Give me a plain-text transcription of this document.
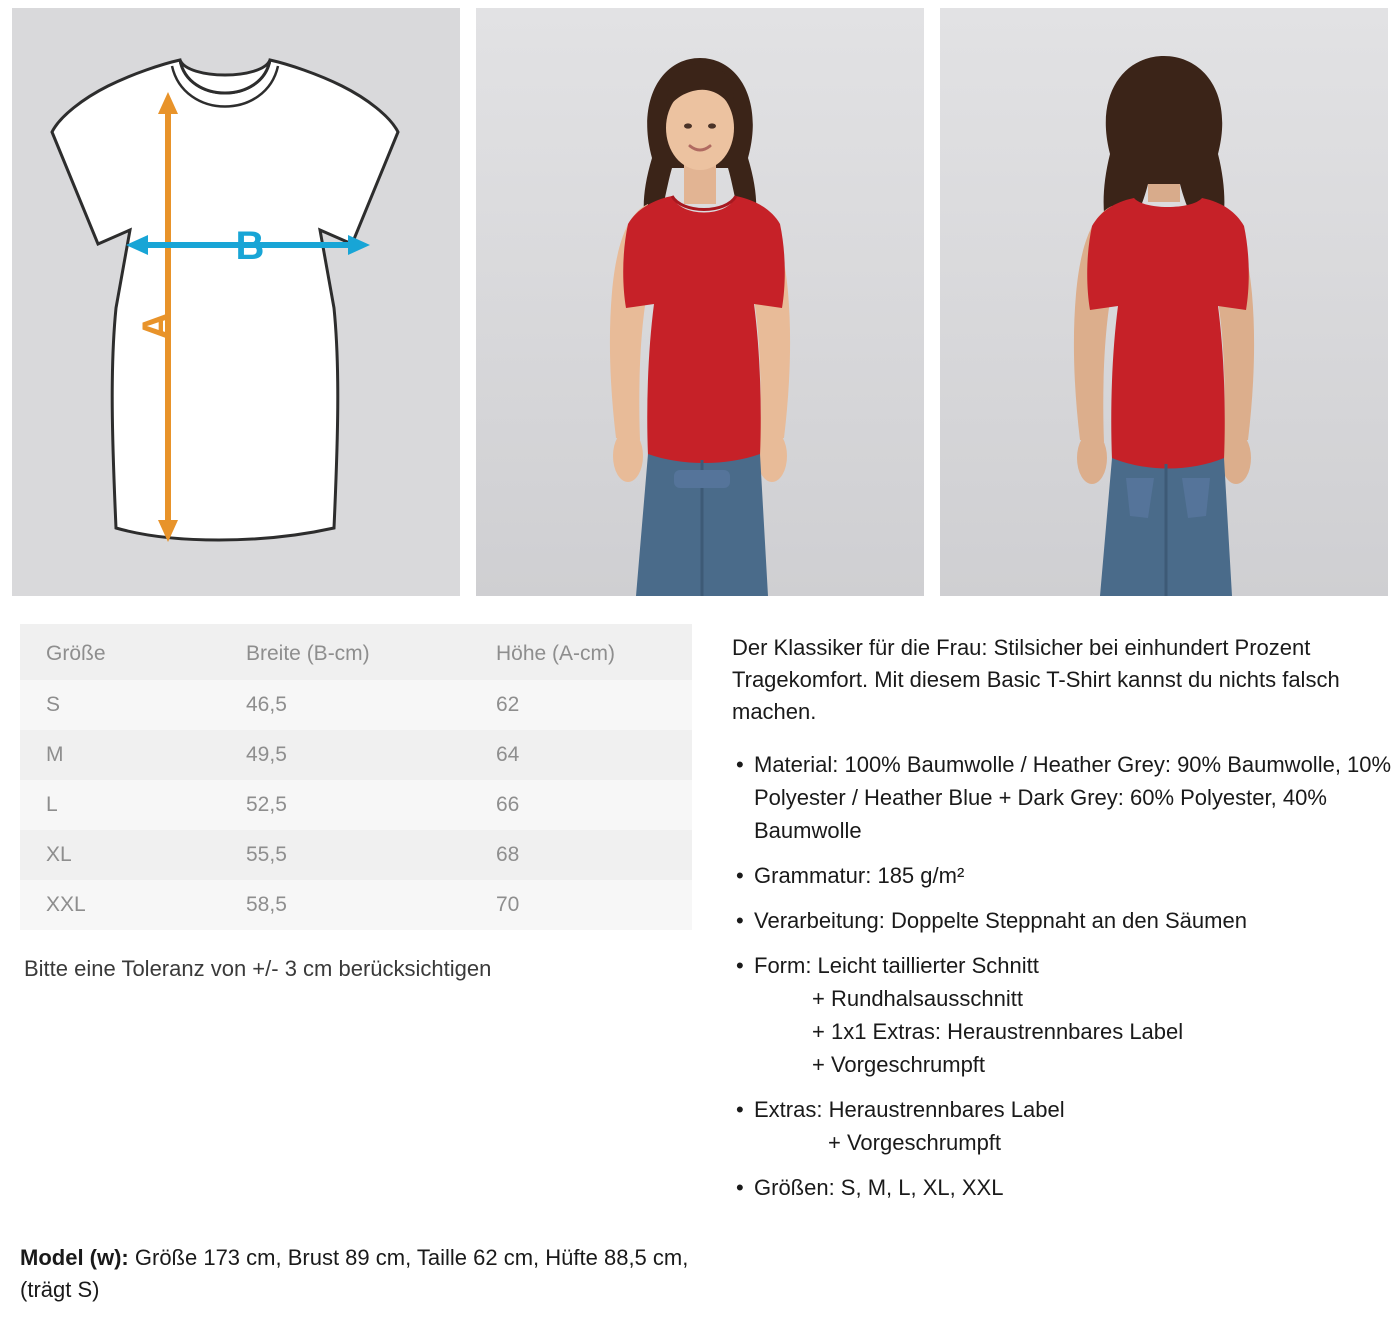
A
B
Größe	Breite (B-cm)	Höhe (A-cm)
S	46,5	62
M	49,5	64
L	52,5	66
XL	55,5	68
XXL	58,5	70
Bitte eine Toleranz von +/- 3 cm berücksichtigen

Der Klassiker für die Frau: Stilsicher bei einhundert Prozent Tragekomfort. Mit diesem Basic T-Shirt kannst du nichts falsch machen.

• Material: 100% Baumwolle / Heather Grey: 90% Baumwolle, 10% Polyester / Heather Blue + Dark Grey: 60% Polyester, 40% Baumwolle
• Grammatur: 185 g/m²
• Verarbeitung: Doppelte Steppnaht an den Säumen
• Form: Leicht taillierter Schnitt
+ Rundhalsausschnitt
+ 1x1 Extras: Heraustrennbares Label
+ Vorgeschrumpft
• Extras: Heraustrennbares Label
+ Vorgeschrumpft
• Größen: S, M, L, XL, XXL
Model (w): Größe 173 cm, Brust 89 cm, Taille 62 cm, Hüfte 88,5 cm, (trägt S)
